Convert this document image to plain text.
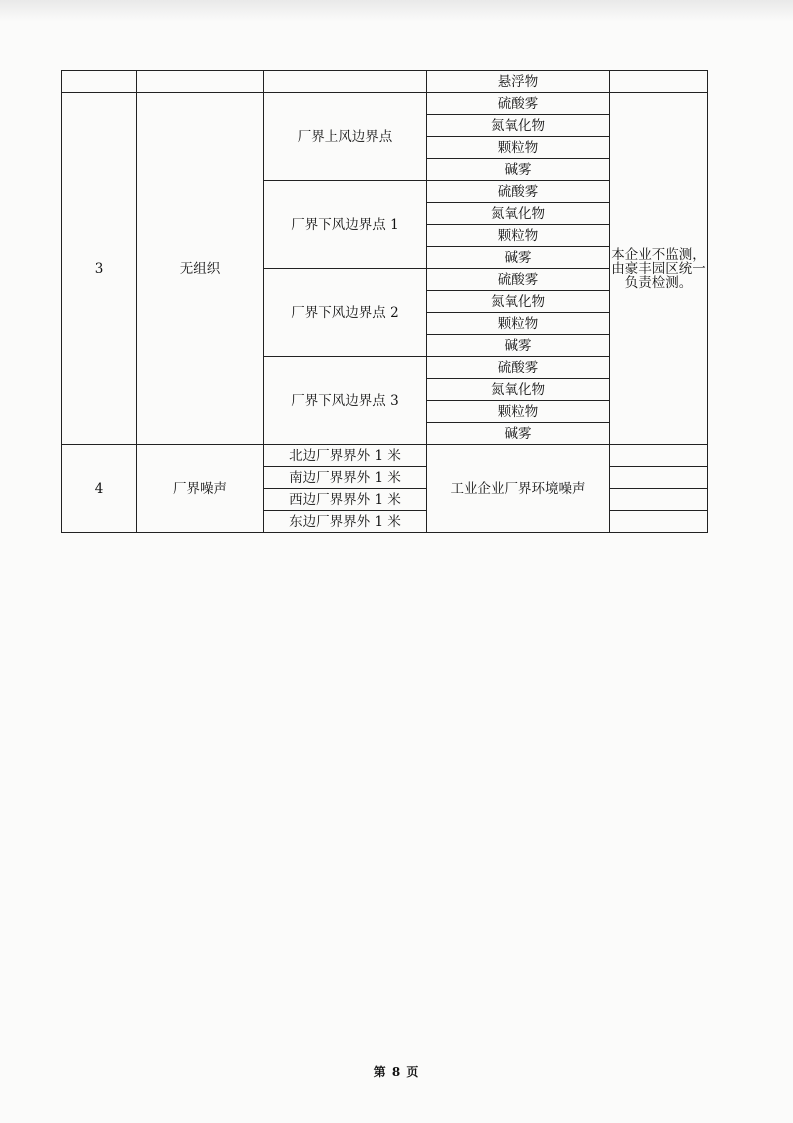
			悬浮物	
3	无组织	厂界上风边界点	硫酸雾	本企业不监测，由豪丰园区统一负责检测。

			氮氧化物	
			颗粒物	
			碱雾	
		厂界下风边界点 1	硫酸雾	
			氮氧化物	
			颗粒物	
			碱雾	
		厂界下风边界点 2	硫酸雾	
			氮氧化物	
			颗粒物	
			碱雾	
		厂界下风边界点 3	硫酸雾	
			氮氧化物	
			颗粒物	
			碱雾	
4	厂界噪声	北边厂界界外 1 米	工业企业厂界环境噪声	
		南边厂界界外 1 米		
		西边厂界界外 1 米		
		东边厂界界外 1 米		
第 8 页
